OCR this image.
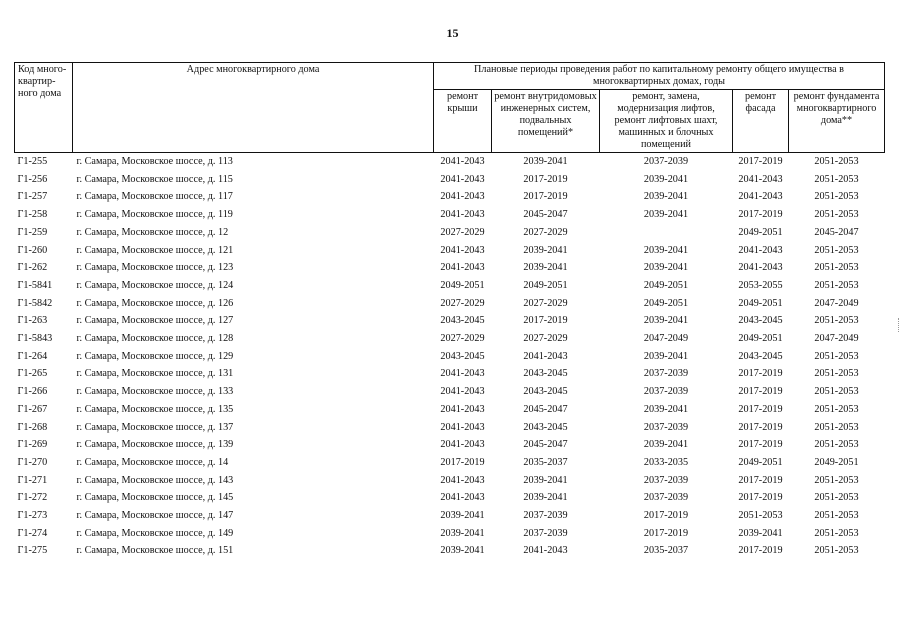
15
Код много-квартир-ного дома	Адрес многоквартирного дома	Плановые периоды проведения работ по капитальному ремонту общего имущества в многоквартирных домах, годы				
		ремонт крыши	ремонт внутридомовых инженерных систем, подвальных помещений*	ремонт, замена, модернизация лифтов, ремонт лифтовых шахт, машинных и блочных помещений	ремонт фасада	ремонт фундамента многоквартирного дома**
Г1-255	г. Самара, Московское шоссе, д. 113	2041-2043	2039-2041	2037-2039	2017-2019	2051-2053
Г1-256	г. Самара, Московское шоссе, д. 115	2041-2043	2017-2019	2039-2041	2041-2043	2051-2053
Г1-257	г. Самара, Московское шоссе, д. 117	2041-2043	2017-2019	2039-2041	2041-2043	2051-2053
Г1-258	г. Самара, Московское шоссе, д. 119	2041-2043	2045-2047	2039-2041	2017-2019	2051-2053
Г1-259	г. Самара, Московское шоссе, д. 12	2027-2029	2027-2029		2049-2051	2045-2047
Г1-260	г. Самара, Московское шоссе, д. 121	2041-2043	2039-2041	2039-2041	2041-2043	2051-2053
Г1-262	г. Самара, Московское шоссе, д. 123	2041-2043	2039-2041	2039-2041	2041-2043	2051-2053
Г1-5841	г. Самара, Московское шоссе, д. 124	2049-2051	2049-2051	2049-2051	2053-2055	2051-2053
Г1-5842	г. Самара, Московское шоссе, д. 126	2027-2029	2027-2029	2049-2051	2049-2051	2047-2049
Г1-263	г. Самара, Московское шоссе, д. 127	2043-2045	2017-2019	2039-2041	2043-2045	2051-2053
Г1-5843	г. Самара, Московское шоссе, д. 128	2027-2029	2027-2029	2047-2049	2049-2051	2047-2049
Г1-264	г. Самара, Московское шоссе, д. 129	2043-2045	2041-2043	2039-2041	2043-2045	2051-2053
Г1-265	г. Самара, Московское шоссе, д. 131	2041-2043	2043-2045	2037-2039	2017-2019	2051-2053
Г1-266	г. Самара, Московское шоссе, д. 133	2041-2043	2043-2045	2037-2039	2017-2019	2051-2053
Г1-267	г. Самара, Московское шоссе, д. 135	2041-2043	2045-2047	2039-2041	2017-2019	2051-2053
Г1-268	г. Самара, Московское шоссе, д. 137	2041-2043	2043-2045	2037-2039	2017-2019	2051-2053
Г1-269	г. Самара, Московское шоссе, д. 139	2041-2043	2045-2047	2039-2041	2017-2019	2051-2053
Г1-270	г. Самара, Московское шоссе, д. 14	2017-2019	2035-2037	2033-2035	2049-2051	2049-2051
Г1-271	г. Самара, Московское шоссе, д. 143	2041-2043	2039-2041	2037-2039	2017-2019	2051-2053
Г1-272	г. Самара, Московское шоссе, д. 145	2041-2043	2039-2041	2037-2039	2017-2019	2051-2053
Г1-273	г. Самара, Московское шоссе, д. 147	2039-2041	2037-2039	2017-2019	2051-2053	2051-2053
Г1-274	г. Самара, Московское шоссе, д. 149	2039-2041	2037-2039	2017-2019	2039-2041	2051-2053
Г1-275	г. Самара, Московское шоссе, д. 151	2039-2041	2041-2043	2035-2037	2017-2019	2051-2053
